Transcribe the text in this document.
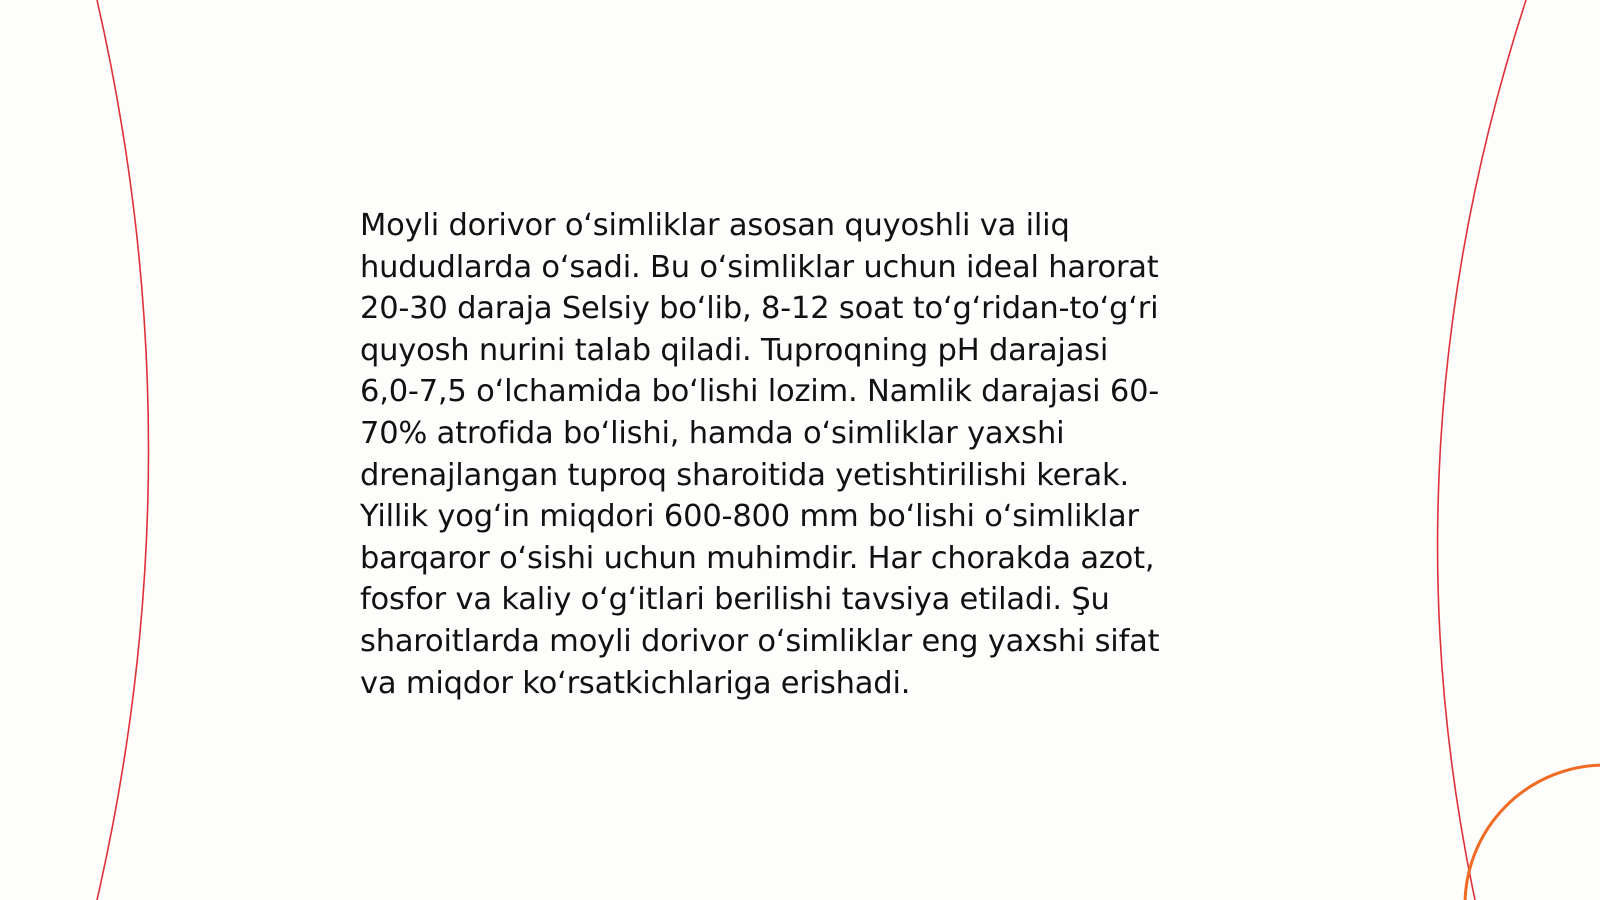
Moyli dorivor oʻsimliklar asosan quyoshli va iliq
hududlarda oʻsadi. Bu oʻsimliklar uchun ideal harorat
20-30 daraja Selsiy boʻlib, 8-12 soat toʻgʻridan-toʻgʻri
quyosh nurini talab qiladi. Tuproqning pH darajasi
6,0-7,5 oʻlchamida boʻlishi lozim. Namlik darajasi 60-
70% atrofida boʻlishi, hamda oʻsimliklar yaxshi
drenajlangan tuproq sharoitida yetishtirilishi kerak.
Yillik yogʻin miqdori 600-800 mm boʻlishi oʻsimliklar
barqaror oʻsishi uchun muhimdir. Har chorakda azot,
fosfor va kaliy oʻgʻitlari berilishi tavsiya etiladi. Şu
sharoitlarda moyli dorivor oʻsimliklar eng yaxshi sifat
va miqdor koʻrsatkichlariga erishadi.
